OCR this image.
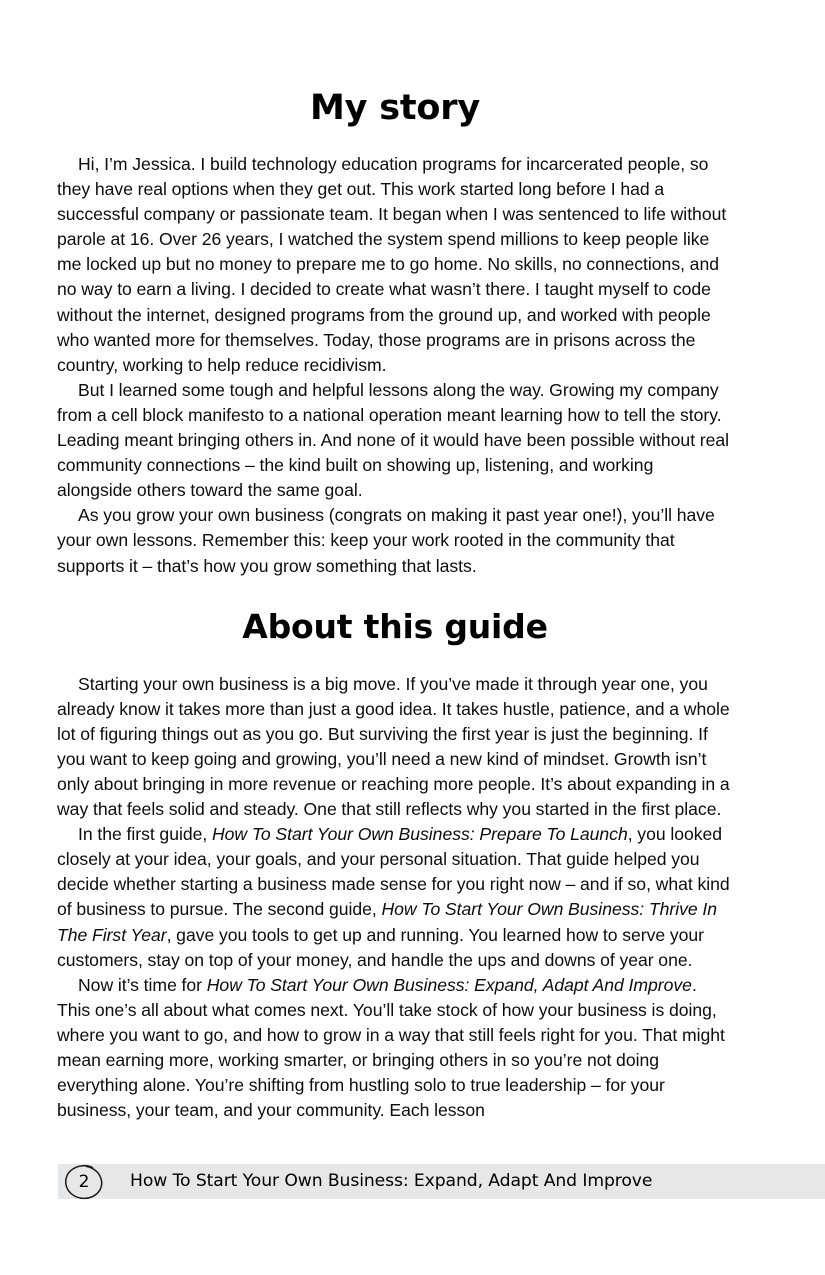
My story

Hi, I’m Jessica. I build technology education programs for incarcerated people, so they have real options when they get out. This work started long before I had a successful company or passionate team. It began when I was sentenced to life without parole at 16. Over 26 years, I watched the system spend millions to keep people like me locked up but no money to prepare me to go home. No skills, no connections, and no way to earn a living. I decided to create what wasn’t there. I taught myself to code without the internet, designed programs from the ground up, and worked with people who wanted more for themselves. Today, those programs are in prisons across the country, working to help reduce recidivism.

But I learned some tough and helpful lessons along the way. Growing my company from a cell block manifesto to a national operation meant learning how to tell the story. Leading meant bringing others in. And none of it would have been possible without real community connections – the kind built on showing up, listening, and working alongside others toward the same goal.

As you grow your own business (congrats on making it past year one!), you’ll have your own lessons. Remember this: keep your work rooted in the community that supports it – that’s how you grow something that lasts.

About this guide

Starting your own business is a big move. If you’ve made it through year one, you already know it takes more than just a good idea. It takes hustle, patience, and a whole lot of figuring things out as you go. But surviving the first year is just the beginning. If you want to keep going and growing, you’ll need a new kind of mindset. Growth isn’t only about bringing in more revenue or reaching more people. It’s about expanding in a way that feels solid and steady. One that still reflects why you started in the first place.

In the first guide, How To Start Your Own Business: Prepare To Launch, you looked closely at your idea, your goals, and your personal situation. That guide helped you decide whether starting a business made sense for you right now – and if so, what kind of business to pursue. The second guide, How To Start Your Own Business: Thrive In The First Year, gave you tools to get up and running. You learned how to serve your customers, stay on top of your money, and handle the ups and downs of year one.

Now it’s time for How To Start Your Own Business: Expand, Adapt And Improve. This one’s all about what comes next. You’ll take stock of how your business is doing, where you want to go, and how to grow in a way that still feels right for you. That might mean earning more, working smarter, or bringing others in so you’re not doing everything alone. You’re shifting from hustling solo to true leadership – for your business, your team, and your community. Each lesson

2	How To Start Your Own Business: Expand, Adapt And Improve
